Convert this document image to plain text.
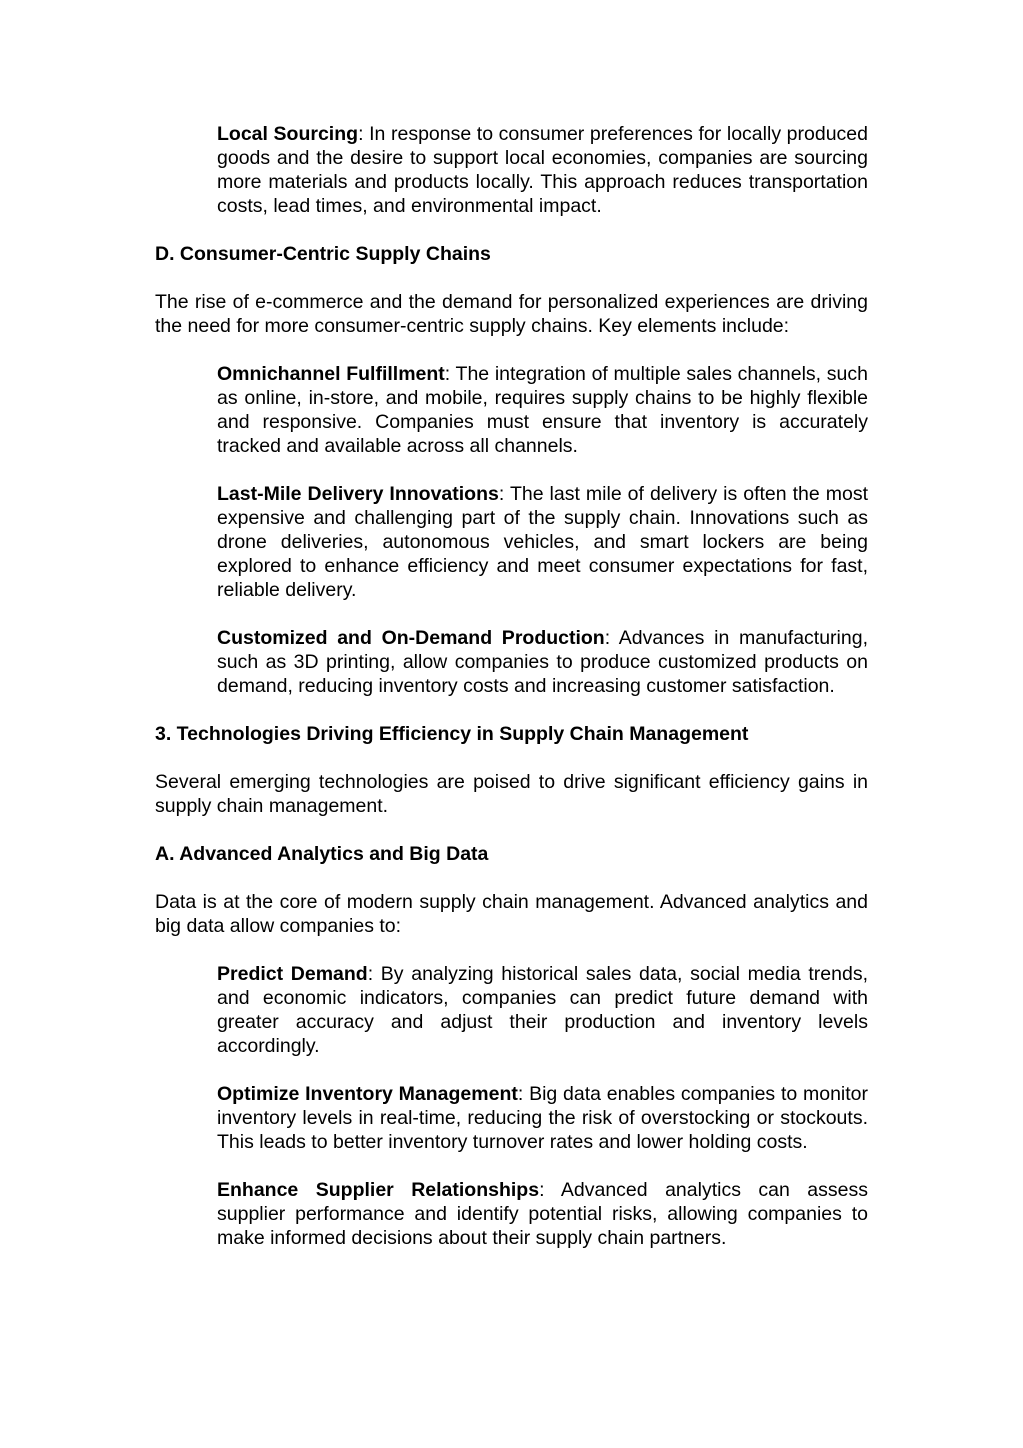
Local Sourcing: In response to consumer preferences for locally produced goods and the desire to support local economies, companies are sourcing more materials and products locally. This approach reduces transportation costs, lead times, and environmental impact.

D. Consumer-Centric Supply Chains

The rise of e-commerce and the demand for personalized experiences are driving the need for more consumer-centric supply chains. Key elements include:

Omnichannel Fulfillment: The integration of multiple sales channels, such as online, in-store, and mobile, requires supply chains to be highly flexible and responsive. Companies must ensure that inventory is accurately tracked and available across all channels.

Last-Mile Delivery Innovations: The last mile of delivery is often the most expensive and challenging part of the supply chain. Innovations such as drone deliveries, autonomous vehicles, and smart lockers are being explored to enhance efficiency and meet consumer expectations for fast, reliable delivery.

Customized and On-Demand Production: Advances in manufacturing, such as 3D printing, allow companies to produce customized products on demand, reducing inventory costs and increasing customer satisfaction.

3. Technologies Driving Efficiency in Supply Chain Management

Several emerging technologies are poised to drive significant efficiency gains in supply chain management.

A. Advanced Analytics and Big Data

Data is at the core of modern supply chain management. Advanced analytics and big data allow companies to:

Predict Demand: By analyzing historical sales data, social media trends, and economic indicators, companies can predict future demand with greater accuracy and adjust their production and inventory levels accordingly.

Optimize Inventory Management: Big data enables companies to monitor inventory levels in real-time, reducing the risk of overstocking or stockouts. This leads to better inventory turnover rates and lower holding costs.

Enhance Supplier Relationships: Advanced analytics can assess supplier performance and identify potential risks, allowing companies to make informed decisions about their supply chain partners.
